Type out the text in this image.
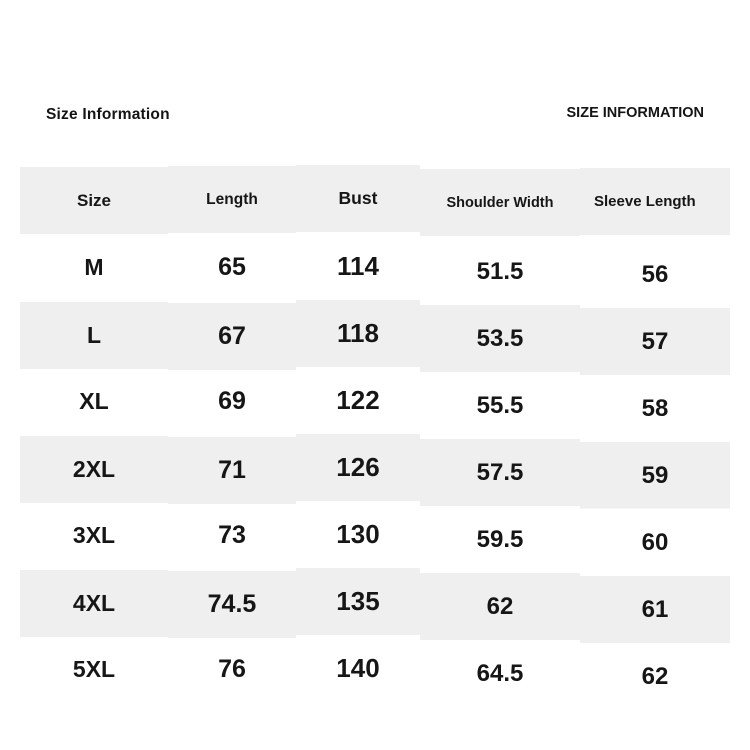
Size Information	SIZE INFORMATION
Size	Length	Bust	Shoulder Width	Sleeve Length
M	65	114	51.5	56
L	67	118	53.5	57
XL	69	122	55.5	58
2XL	71	126	57.5	59
3XL	73	130	59.5	60
4XL	74.5	135	62	61
5XL	76	140	64.5	62
